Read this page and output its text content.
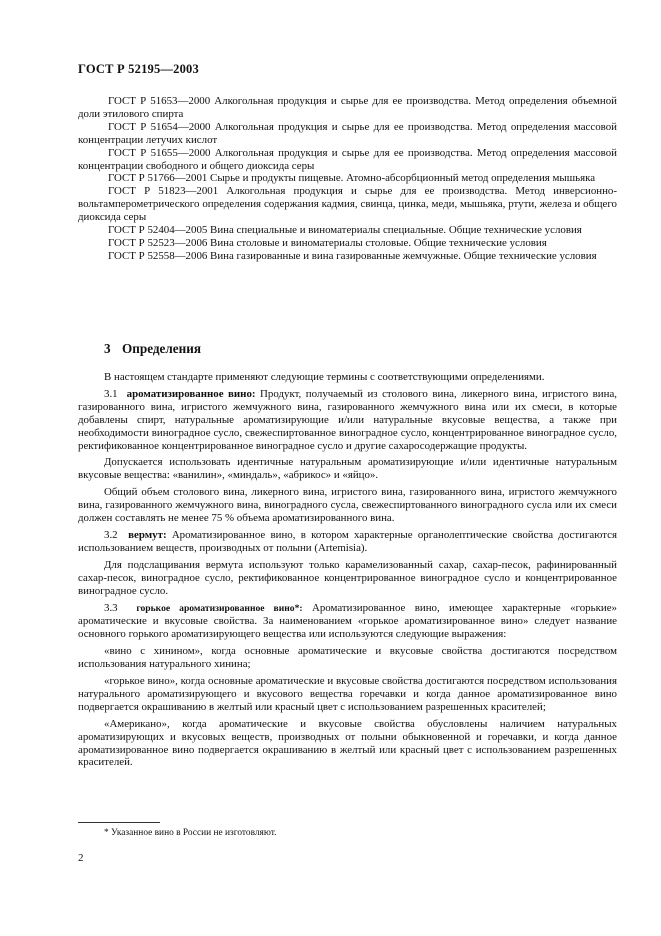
ГОСТ Р 52195—2003

ГОСТ Р 51653—2000 Алкогольная продукция и сырье для ее производства. Метод определения объемной доли этилового спирта

ГОСТ Р 51654—2000 Алкогольная продукция и сырье для ее производства. Метод определения массовой концентрации летучих кислот

ГОСТ Р 51655—2000 Алкогольная продукция и сырье для ее производства. Метод определения массовой концентрации свободного и общего диоксида серы

ГОСТ Р 51766—2001 Сырье и продукты пищевые. Атомно-абсорбционный метод определения мышьяка

ГОСТ Р 51823—2001 Алкогольная продукция и сырье для ее производства. Метод инверсионно-вольтамперометрического определения содержания кадмия, свинца, цинка, меди, мышьяка, ртути, железа и общего диоксида серы

ГОСТ Р 52404—2005 Вина специальные и виноматериалы специальные. Общие технические условия

ГОСТ Р 52523—2006 Вина столовые и виноматериалы столовые. Общие технические условия

ГОСТ Р 52558—2006 Вина газированные и вина газированные жемчужные. Общие технические условия

3 Определения

В настоящем стандарте применяют следующие термины с соответствующими определениями.

3.1 ароматизированное вино: Продукт, получаемый из столового вина, ликерного вина, игристого вина, газированного вина, игристого жемчужного вина, газированного жемчужного вина или их смеси, в которые добавлены спирт, натуральные ароматизирующие и/или натуральные вкусовые вещества, а также при необходимости виноградное сусло, свежеспиртованное виноградное сусло, концентрированное виноградное сусло, ректификованное концентрированное виноградное сусло и другие сахаросодержащие продукты.

Допускается использовать идентичные натуральным ароматизирующие и/или идентичные натуральным вкусовые вещества: «ванилин», «миндаль», «абрикос» и «яйцо».

Общий объем столового вина, ликерного вина, игристого вина, газированного вина, игристого жемчужного вина, газированного жемчужного вина, виноградного сусла, свежеспиртованного виноградного сусла или их смеси должен составлять не менее 75 % объема ароматизированного вина.

3.2 вермут: Ароматизированное вино, в котором характерные органолептические свойства достигаются использованием веществ, производных от полыни (Artemisia).

Для подслащивания вермута используют только карамелизованный сахар, сахар-песок, рафинированный сахар-песок, виноградное сусло, ректификованное концентрированное виноградное сусло и концентрированное виноградное сусло.

3.3 горькое ароматизированное вино*: Ароматизированное вино, имеющее характерные «горькие» ароматические и вкусовые свойства. За наименованием «горькое ароматизированное вино» следует название основного горького ароматизирующего вещества или используются следующие выражения:

«вино с хинином», когда основные ароматические и вкусовые свойства достигаются посредством использования натурального хинина;

«горькое вино», когда основные ароматические и вкусовые свойства достигаются посредством использования натурального ароматизирующего и вкусового вещества горечавки и когда данное ароматизированное вино подвергается окрашиванию в желтый или красный цвет с использованием разрешенных красителей;

«Американо», когда ароматические и вкусовые свойства обусловлены наличием натуральных ароматизирующих и вкусовых веществ, производных от полыни обыкновенной и горечавки, и когда данное ароматизированное вино подвергается окрашиванию в желтый или красный цвет с использованием разрешенных красителей.

* Указанное вино в России не изготовляют.
2
